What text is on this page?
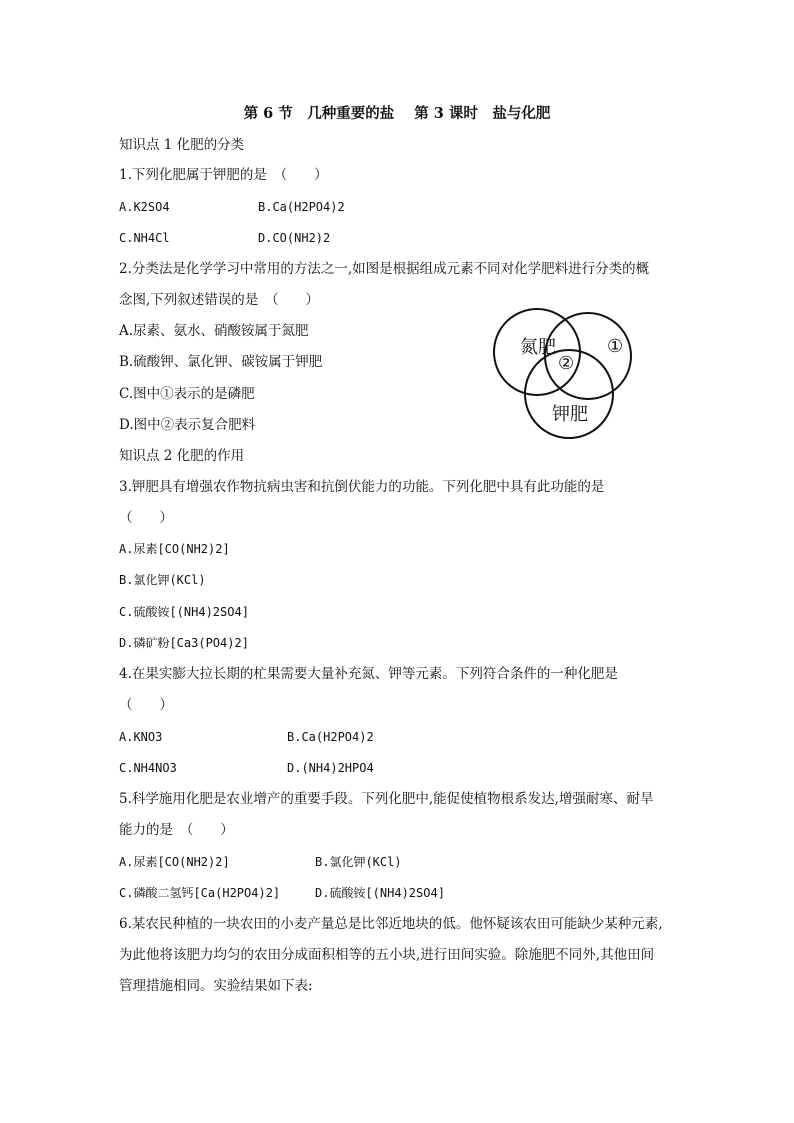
第 6 节　几种重要的盐 第 3 课时　盐与化肥
知识点 1 化肥的分类
1.下列化肥属于钾肥的是　（　　）
A.K2SO4	B.Ca(H2PO4)2
C.NH4Cl	D.CO(NH2)2
2.分类法是化学学习中常用的方法之一,如图是根据组成元素不同对化学肥料进行分类的概
念图,下列叙述错误的是　（　　）
A.尿素、氨水、硝酸铵属于氮肥
B.硫酸钾、氯化钾、碳铵属于钾肥
C.图中①表示的是磷肥
D.图中②表示复合肥料
氮肥	①
②
钾肥
知识点 2 化肥的作用
3.钾肥具有增强农作物抗病虫害和抗倒伏能力的功能。下列化肥中具有此功能的是
（　　）
A.尿素[CO(NH2)2]
B.氯化钾(KCl)
C.硫酸铵[(NH4)2SO4]
D.磷矿粉[Ca3(PO4)2]
4.在果实膨大拉长期的杧果需要大量补充氮、钾等元素。下列符合条件的一种化肥是
（　　）
A.KNO3	B.Ca(H2PO4)2
C.NH4NO3	D.(NH4)2HPO4
5.科学施用化肥是农业增产的重要手段。下列化肥中,能促使植物根系发达,增强耐寒、耐旱
能力的是　（　　）
A.尿素[CO(NH2)2]	B.氯化钾(KCl)
C.磷酸二氢钙[Ca(H2PO4)2]	D.硫酸铵[(NH4)2SO4]
6.某农民种植的一块农田的小麦产量总是比邻近地块的低。他怀疑该农田可能缺少某种元素,
为此他将该肥力均匀的农田分成面积相等的五小块,进行田间实验。除施肥不同外,其他田间
管理措施相同。实验结果如下表:
